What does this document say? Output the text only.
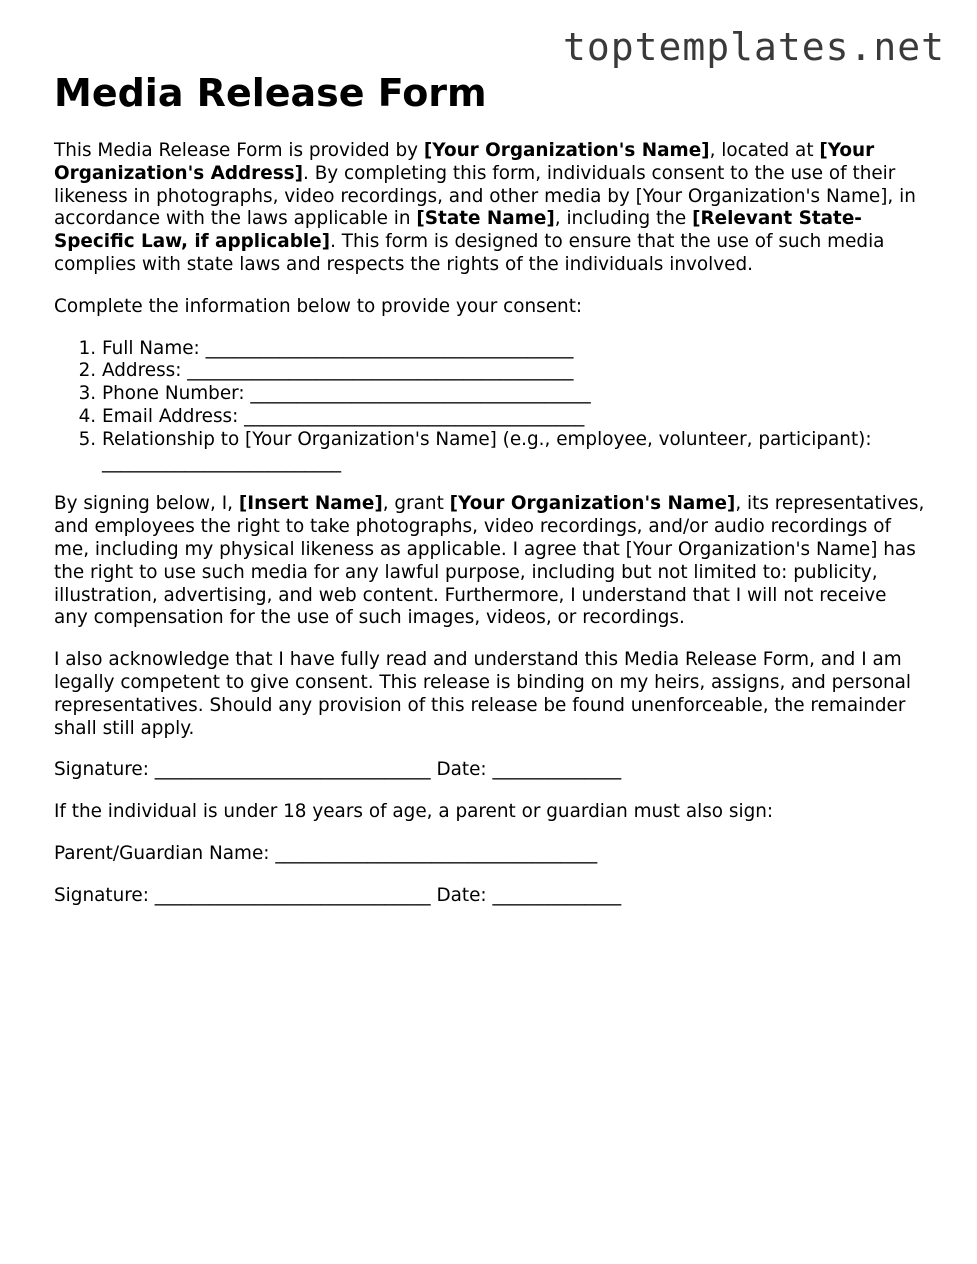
toptemplates.net
Media Release Form

This Media Release Form is provided by [Your Organization's Name], located at [Your Organization's Address]. By completing this form, individuals consent to the use of their likeness in photographs, video recordings, and other media by [Your Organization's Name], in accordance with the laws applicable in [State Name], including the [Relevant State-Specific Law, if applicable]. This form is designed to ensure that the use of such media complies with state laws and respects the rights of the individuals involved.

Complete the information below to provide your consent:

1. Full Name: ________________________________________
2. Address: __________________________________________
3. Phone Number: _____________________________________
4. Email Address: _____________________________________
5. Relationship to [Your Organization's Name] (e.g., employee, volunteer, participant): __________________________

By signing below, I, [Insert Name], grant [Your Organization's Name], its representatives, and employees the right to take photographs, video recordings, and/or audio recordings of me, including my physical likeness as applicable. I agree that [Your Organization's Name] has the right to use such media for any lawful purpose, including but not limited to: publicity, illustration, advertising, and web content. Furthermore, I understand that I will not receive any compensation for the use of such images, videos, or recordings.

I also acknowledge that I have fully read and understand this Media Release Form, and I am legally competent to give consent. This release is binding on my heirs, assigns, and personal representatives. Should any provision of this release be found unenforceable, the remainder shall still apply.

Signature: ______________________________ Date: ______________

If the individual is under 18 years of age, a parent or guardian must also sign:

Parent/Guardian Name: ___________________________________

Signature: ______________________________ Date: ______________
